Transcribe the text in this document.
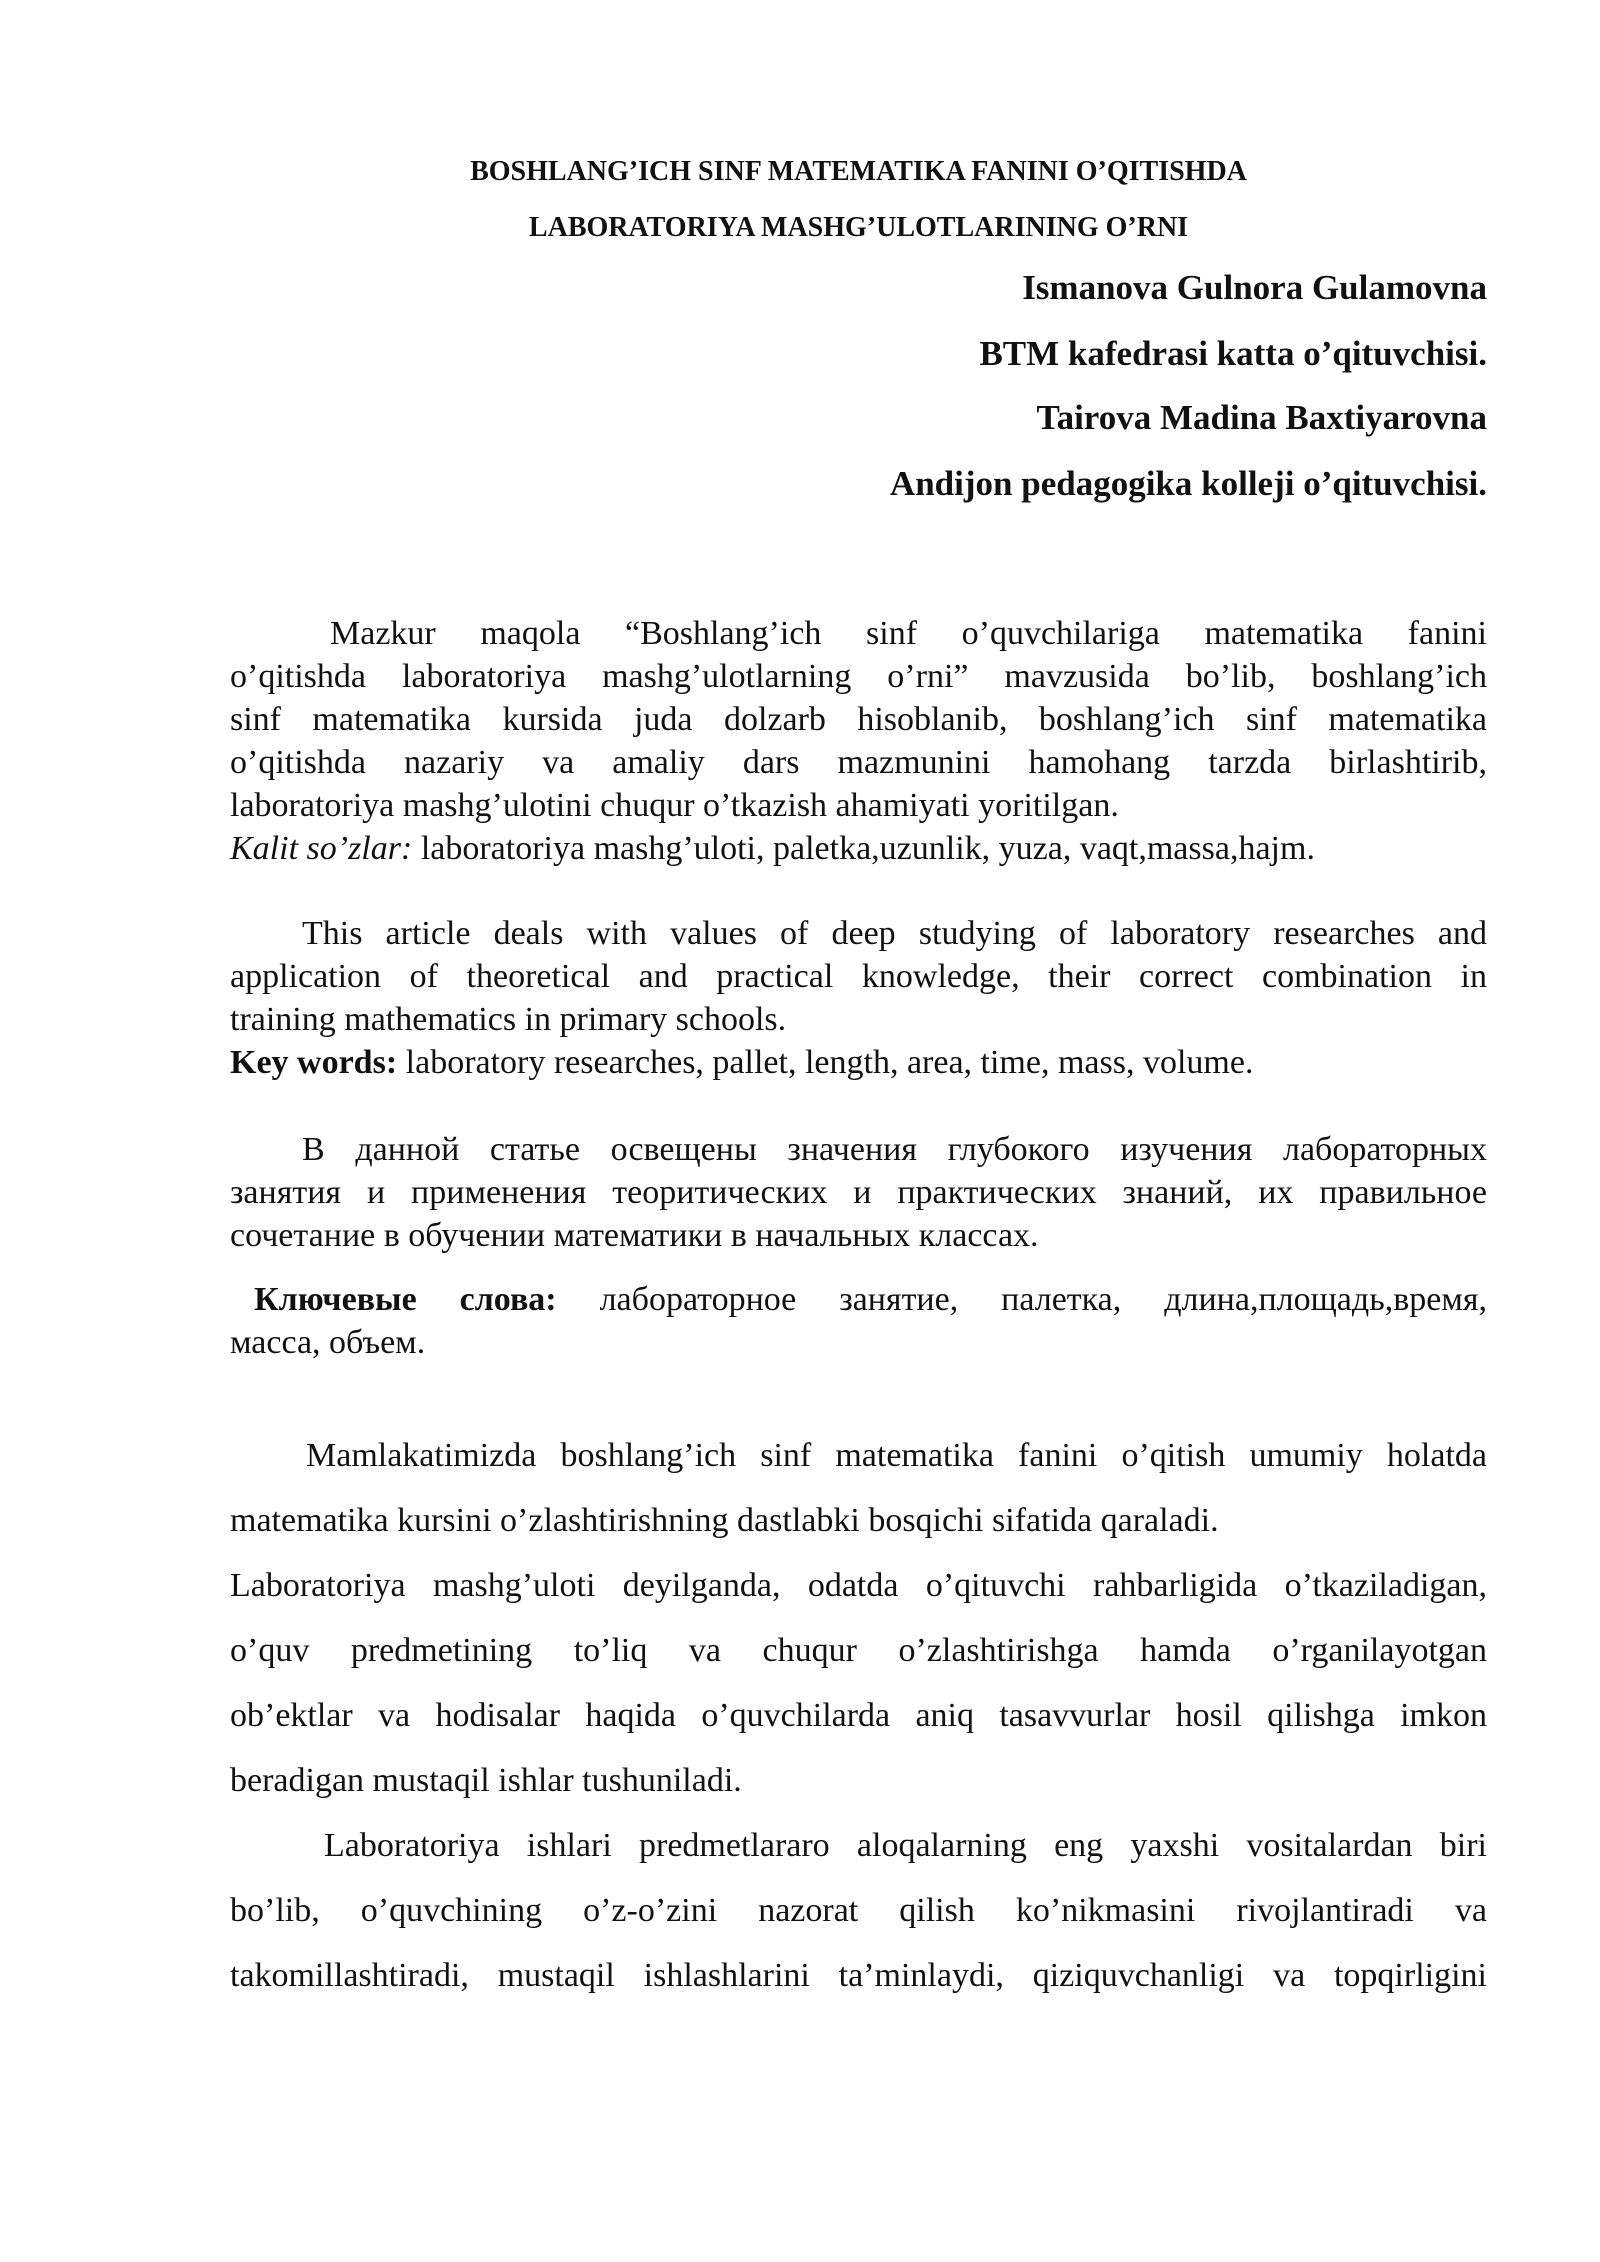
BOSHLANG’ICH SINF MATEMATIKA FANINI O’QITISHDA
LABORATORIYA MASHG’ULOTLARINING O’RNI
Ismanova Gulnora Gulamovna
BTM kafedrasi katta o’qituvchisi.
Tairova Madina Baxtiyarovna
Andijon pedagogika kolleji o’qituvchisi.
Mazkur maqola “Boshlang’ich sinf o’quvchilariga matematika fanini
o’qitishda laboratoriya mashg’ulotlarning o’rni” mavzusida bo’lib, boshlang’ich
sinf matematika kursida juda dolzarb hisoblanib, boshlang’ich sinf matematika
o’qitishda nazariy va amaliy dars mazmunini hamohang tarzda birlashtirib,
laboratoriya mashg’ulotini chuqur o’tkazish ahamiyati yoritilgan.
Kalit so’zlar: laboratoriya mashg’uloti, paletka,uzunlik, yuza, vaqt,massa,hajm.
This article deals with values of deep studying of laboratory researches and
application of theoretical and practical knowledge, their correct combination in
training mathematics in primary schools.
Key words: laboratory researches, pallet, length, area, time, mass, volume.
В данной статье освещены значения глубокого изучения лабораторных
занятия и применения теоритических и практических знаний, их правильное
сочетание в обучении математики в начальных классах.
Ключевые слова: лабораторное занятие, палетка, длина,площадь,время,
масса, объем.
Mamlakatimizda boshlang’ich sinf matematika fanini o’qitish umumiy holatda
matematika kursini o’zlashtirishning dastlabki bosqichi sifatida qaraladi.
Laboratoriya mashg’uloti deyilganda, odatda o’qituvchi rahbarligida o’tkaziladigan,
o’quv predmetining to’liq va chuqur o’zlashtirishga hamda o’rganilayotgan
ob’ektlar va hodisalar haqida o’quvchilarda aniq tasavvurlar hosil qilishga imkon
beradigan mustaqil ishlar tushuniladi.
Laboratoriya ishlari predmetlararo aloqalarning eng yaxshi vositalardan biri
bo’lib, o’quvchining o’z-o’zini nazorat qilish ko’nikmasini rivojlantiradi va
takomillashtiradi, mustaqil ishlashlarini ta’minlaydi, qiziquvchanligi va topqirligini
